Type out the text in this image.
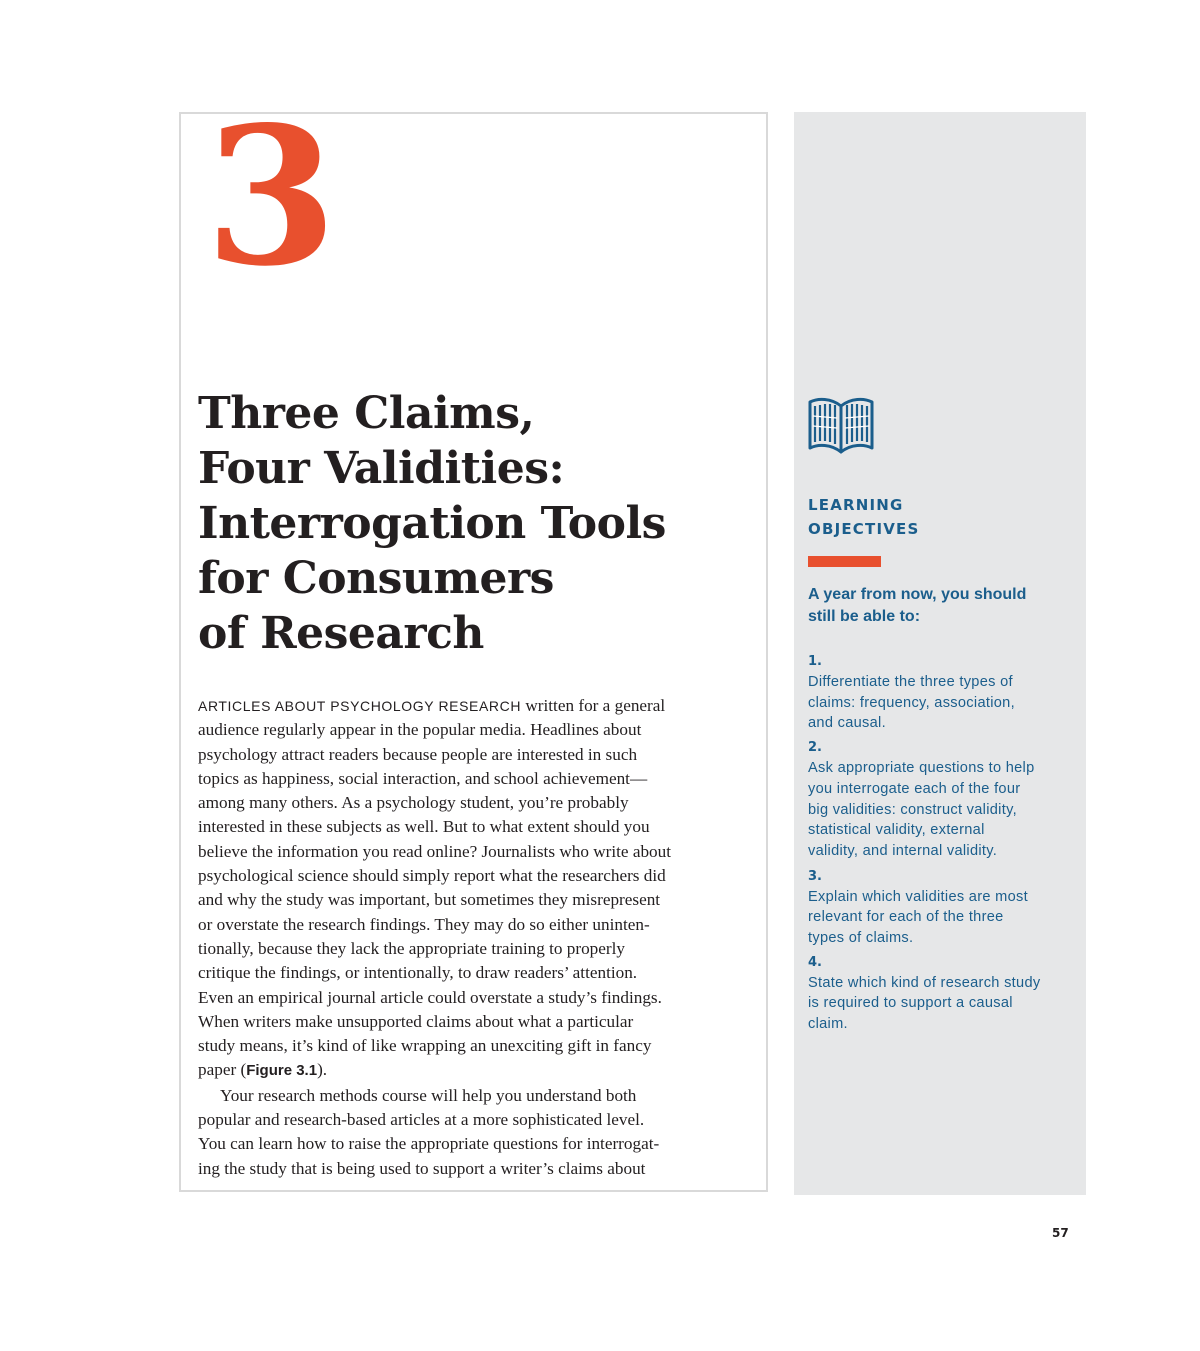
3
Three Claims,
Four Validities:
Interrogation Tools
for Consumers
of Research

ARTICLES ABOUT PSYCHOLOGY RESEARCH written for a general
audience regularly appear in the popular media. Headlines about
psychology attract readers because people are interested in such
topics as happiness, social interaction, and school achievement—
among many others. As a psychology student, you’re probably
interested in these subjects as well. But to what extent should you
believe the information you read online? Journalists who write about
psychological science should simply report what the researchers did
and why the study was important, but sometimes they misrepresent
or overstate the research findings. They may do so either uninten-
tionally, because they lack the appropriate training to properly
critique the findings, or intentionally, to draw readers’ attention.
Even an empirical journal article could overstate a study’s findings.
When writers make unsupported claims about what a particular
study means, it’s kind of like wrapping an unexciting gift in fancy
paper (Figure 3.1).

Your research methods course will help you understand both
popular and research-based articles at a more sophisticated level.
You can learn how to raise the appropriate questions for interrogat-
ing the study that is being used to support a writer’s claims about

LEARNING
OBJECTIVES
A year from now, you should
still be able to:
1.
Differentiate the three types of
claims: frequency, association,
and causal.
2.
Ask appropriate questions to help
you interrogate each of the four
big validities: construct validity,
statistical validity, external
validity, and internal validity.
3.
Explain which validities are most
relevant for each of the three
types of claims.
4.
State which kind of research study
is required to support a causal
claim.
57
